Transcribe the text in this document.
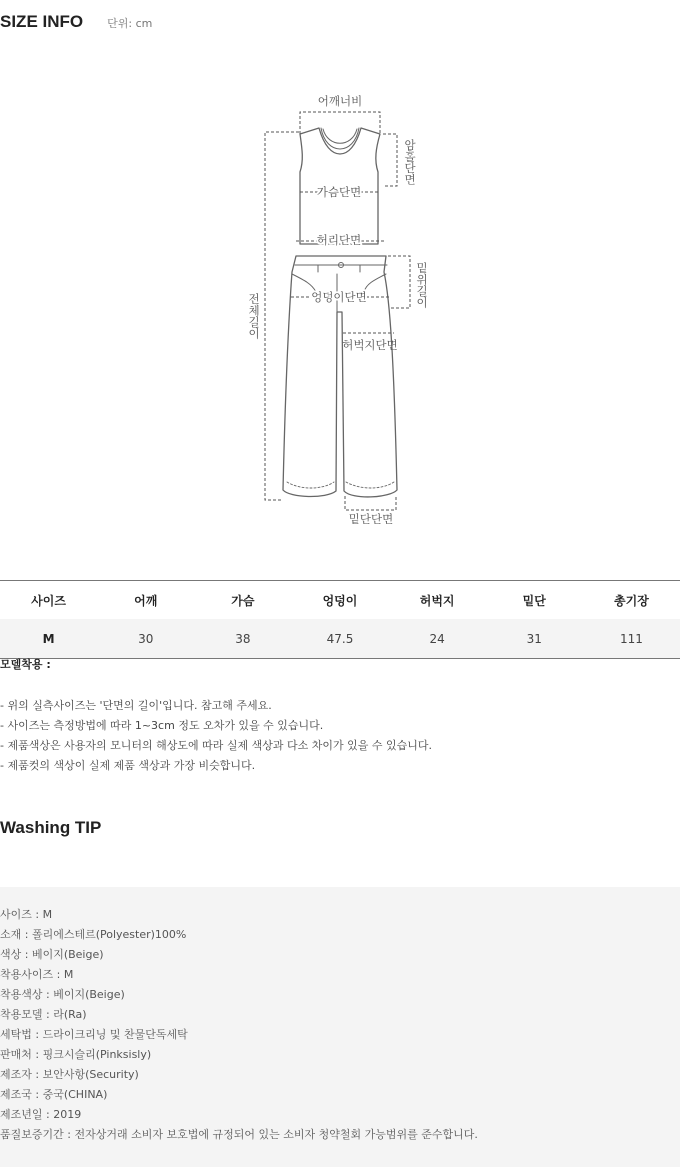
SIZE INFO 단위: cm
어깨너비
가슴단면
허리단면
엉덩이단면
허벅지단면
밑단단면
암홀단면
밑위길이
전체길이
사이즈	어깨	가슴	엉덩이	허벅지	밑단	총기장
M	30	38	47.5	24	31	111
모델착용 :
- 위의 실측사이즈는 '단면의 길이'입니다. 참고해 주세요.
- 사이즈는 측정방법에 따라 1~3cm 정도 오차가 있을 수 있습니다.
- 제품색상은 사용자의 모니터의 해상도에 따라 실제 색상과 다소 차이가 있을 수 있습니다.
- 제품컷의 색상이 실제 제품 색상과 가장 비슷합니다.
Washing TIP
사이즈 : M
소재 : 폴리에스테르(Polyester)100%
색상 : 베이지(Beige)
착용사이즈 : M
착용색상 : 베이지(Beige)
착용모델 : 라(Ra)
세탁법 : 드라이크리닝 및 찬물단독세탁
판매처 : 핑크시슬리(Pinksisly)
제조자 : 보안사항(Security)
제조국 : 중국(CHINA)
제조년일 : 2019
품질보증기간 : 전자상거래 소비자 보호법에 규정되어 있는 소비자 청약철회 가능범위를 준수합니다.
